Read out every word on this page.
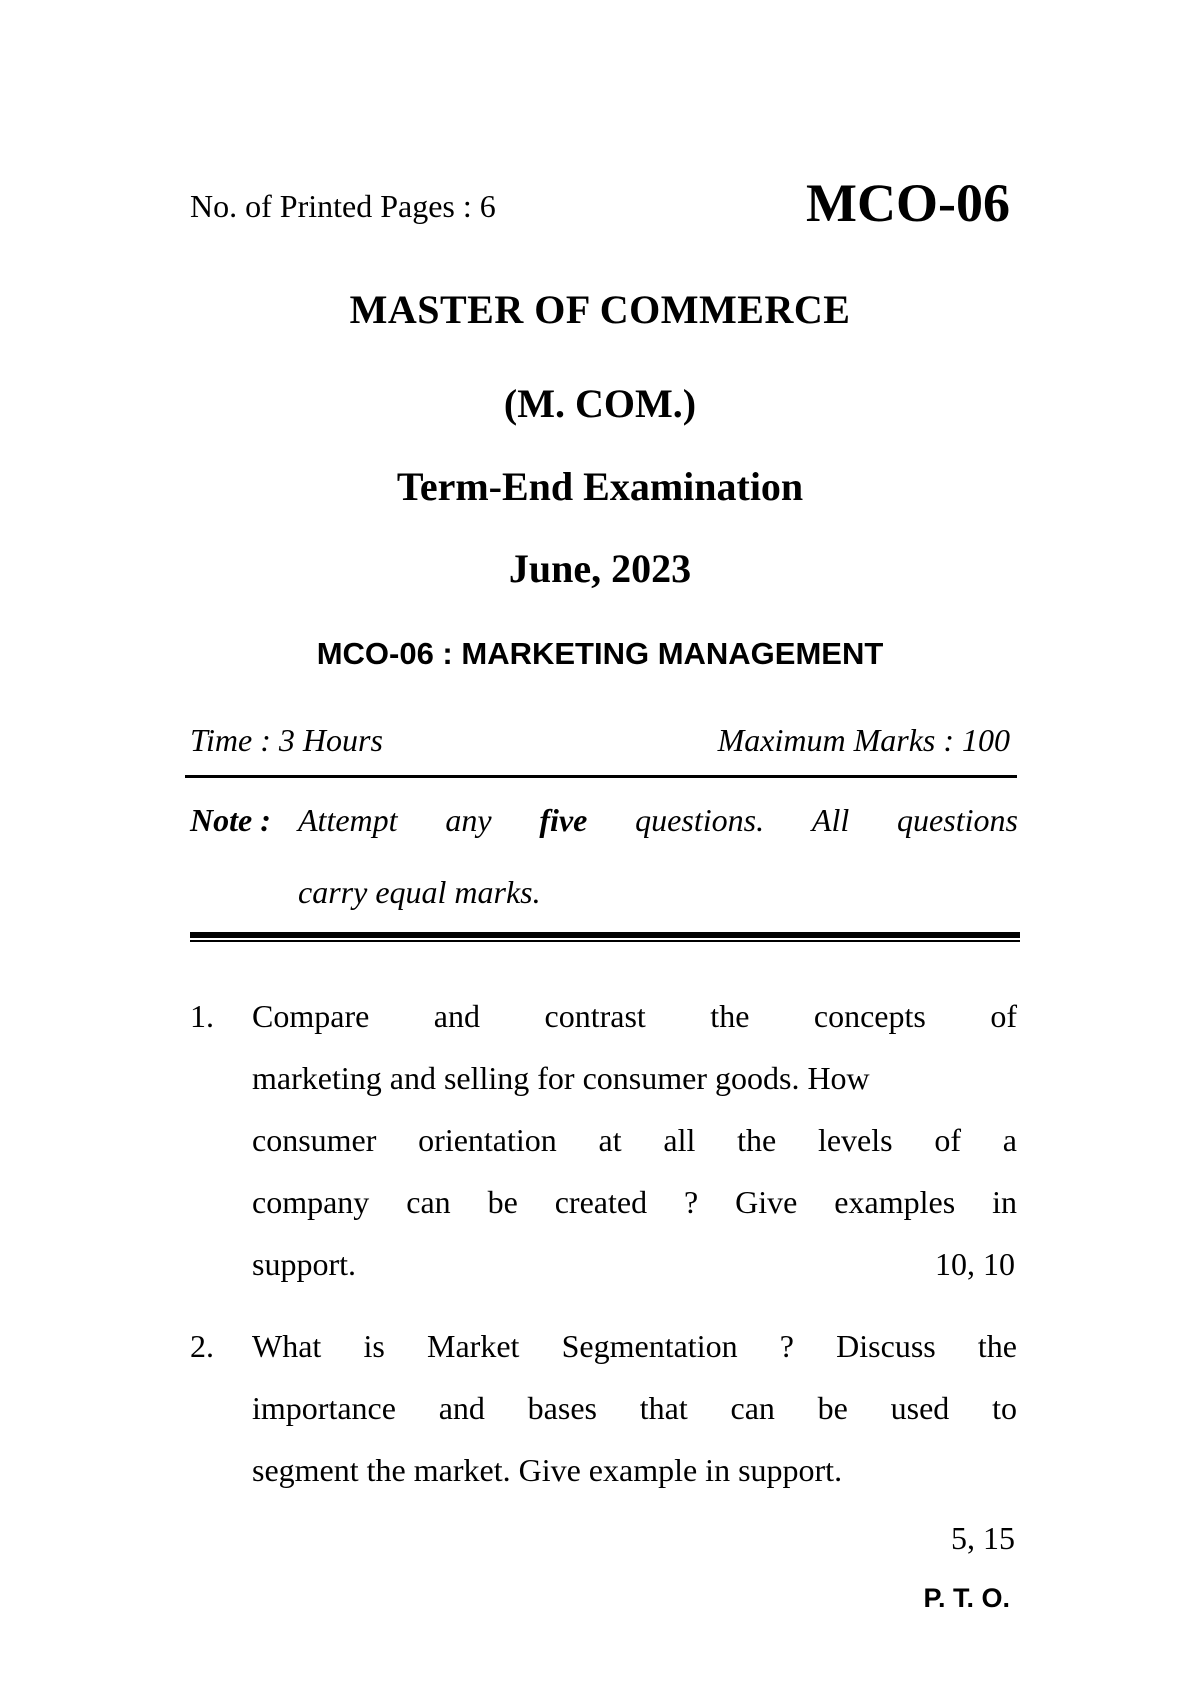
No. of Printed Pages : 6	MCO-06
MASTER OF COMMERCE
(M. COM.)
Term-End Examination
June, 2023
MCO-06 : MARKETING MANAGEMENT
Time : 3 Hours	Maximum Marks : 100
Note : Attempt any five questions. All questions
carry equal marks.
1. Compare and contrast the concepts of
marketing and selling for consumer goods. How
consumer orientation at all the levels of a
company can be created ? Give examples in
support.	10, 10
2. What is Market Segmentation ? Discuss the
importance and bases that can be used to
segment the market. Give example in support.
5, 15
P. T. O.
